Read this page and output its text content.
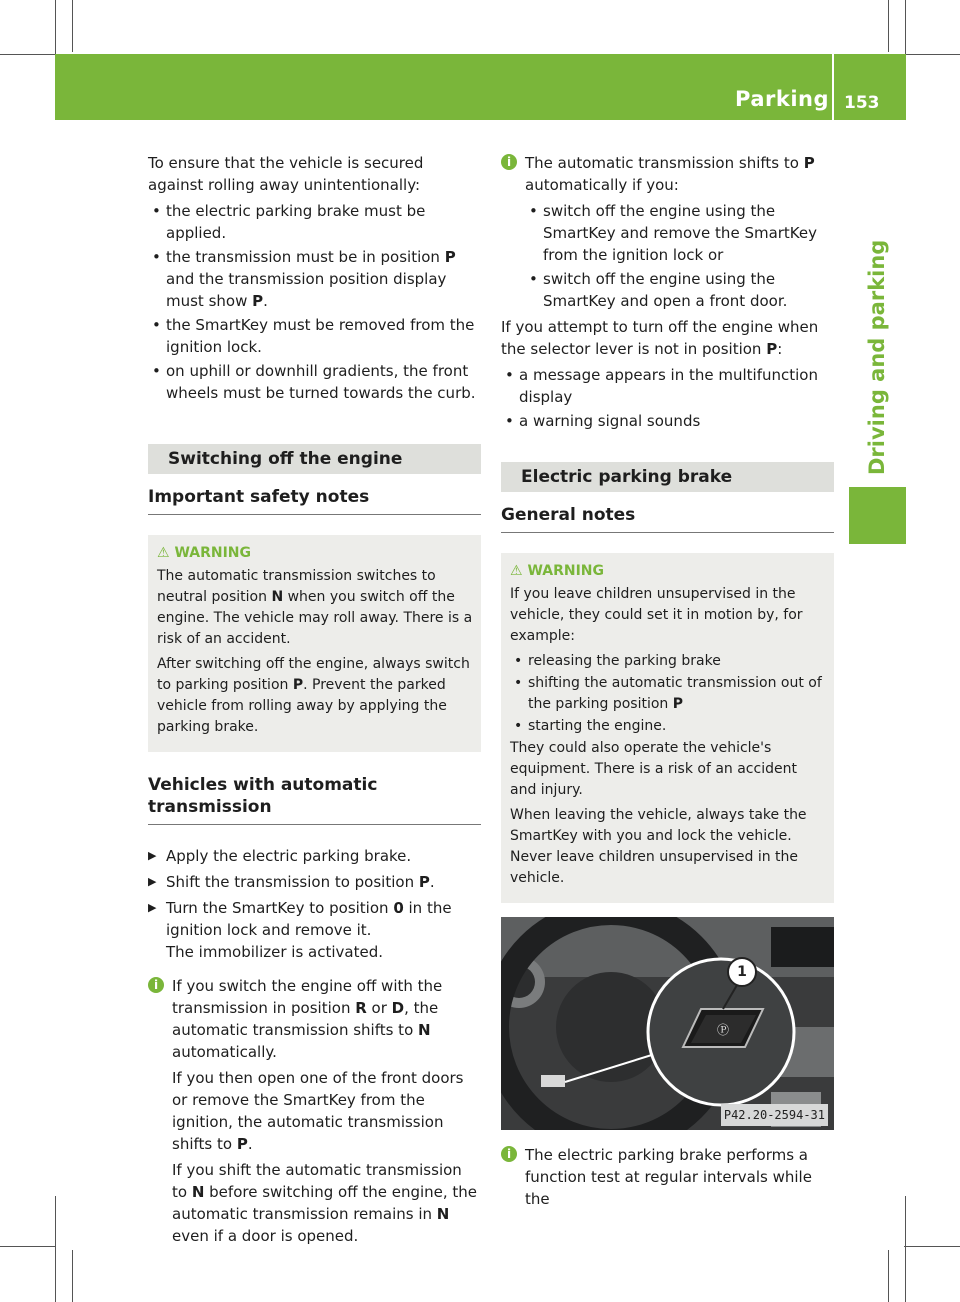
Parking 153
Driving and parking

To ensure that the vehicle is secured against rolling away unintentionally:

• the electric parking brake must be applied.
• the transmission must be in position P and the transmission position display must show P.
• the SmartKey must be removed from the ignition lock.
• on uphill or downhill gradients, the front wheels must be turned towards the curb.
Switching off the engine
Important safety notes
⚠ WARNING

The automatic transmission switches to neutral position N when you switch off the engine. The vehicle may roll away. There is a risk of an accident.

After switching off the engine, always switch to parking position P. Prevent the parked vehicle from rolling away by applying the parking brake.

Vehicles with automatic transmission
▶ Apply the electric parking brake.
▶ Shift the transmission to position P.
▶ Turn the SmartKey to position 0 in the ignition lock and remove it.
The immobilizer is activated.
i If you switch the engine off with the transmission in position R or D, the automatic transmission shifts to N automatically.

If you then open one of the front doors or remove the SmartKey from the ignition, the automatic transmission shifts to P.

If you shift the automatic transmission to N before switching off the engine, the automatic transmission remains in N even if a door is opened.

i The automatic transmission shifts to P automatically if you:

• switch off the engine using the SmartKey and remove the SmartKey from the ignition lock or
• switch off the engine using the SmartKey and open a front door.

If you attempt to turn off the engine when the selector lever is not in position P:

• a message appears in the multifunction display
• a warning signal sounds
Electric parking brake
General notes
⚠ WARNING

If you leave children unsupervised in the vehicle, they could set it in motion by, for example:

• releasing the parking brake
• shifting the automatic transmission out of the parking position P
• starting the engine.

They could also operate the vehicle's equipment. There is a risk of an accident and injury.

When leaving the vehicle, always take the SmartKey with you and lock the vehicle. Never leave children unsupervised in the vehicle.

Ⓟ
1
P42.20-2594-31
i The electric parking brake performs a function test at regular intervals while the
